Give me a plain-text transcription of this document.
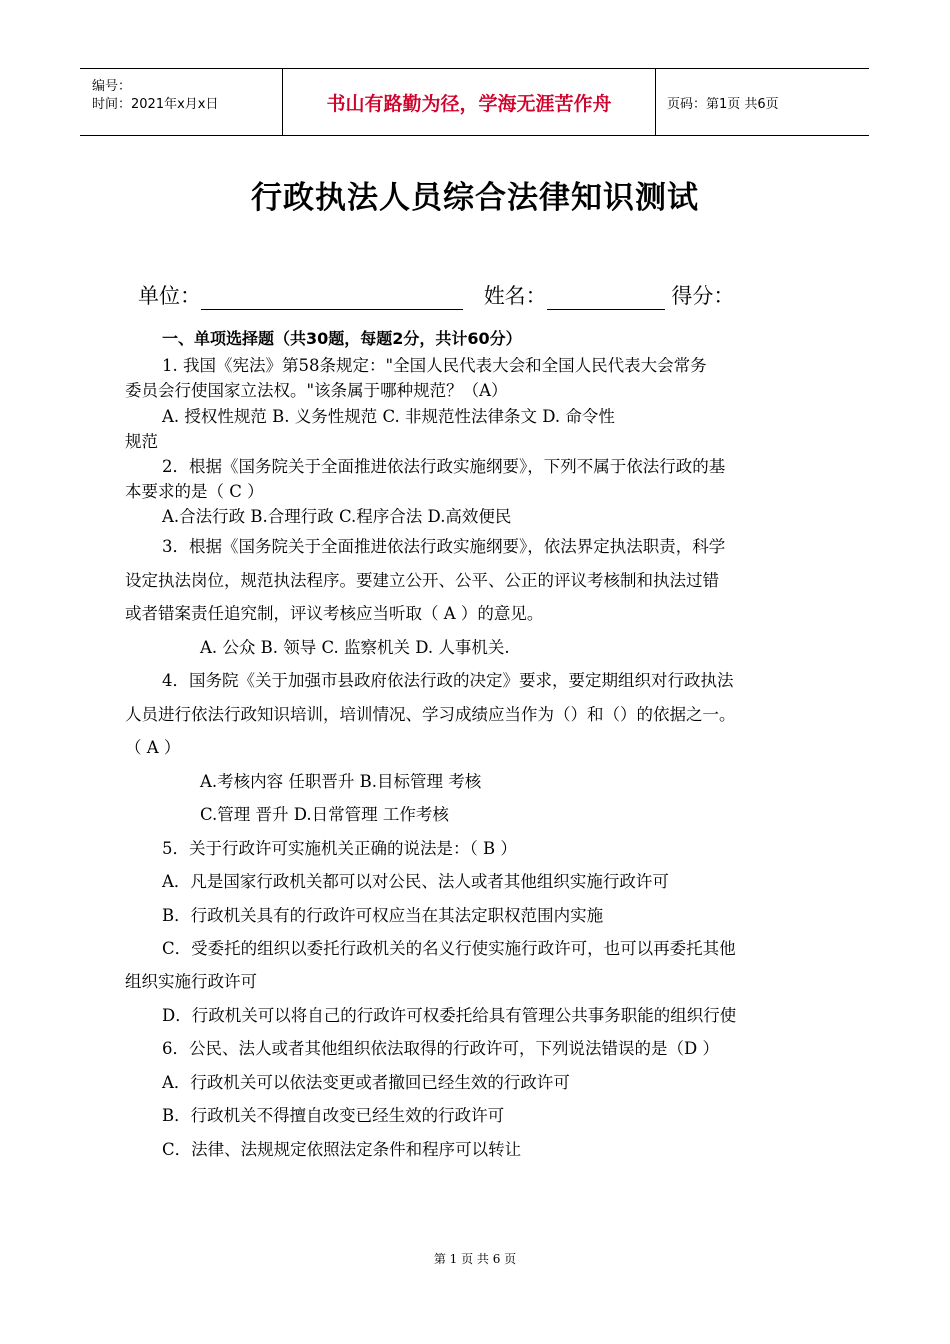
编号：
时间：2021年x月x日	书山有路勤为径，学海无涯苦作舟	页码：第1页 共6页
行政执法人员综合法律知识测试
单位：	姓名：	得分：
一、单项选择题（共30题，每题2分，共计60分）
1. 我国《宪法》第58条规定："全国人民代表大会和全国人民代表大会常务
委员会行使国家立法权。"该条属于哪种规范？（A）
A. 授权性规范 B. 义务性规范 C. 非规范性法律条文 D. 命令性
规范
2．根据《国务院关于全面推进依法行政实施纲要》，下列不属于依法行政的基
本要求的是（ C ）
A.合法行政 B.合理行政 C.程序合法 D.高效便民
3．根据《国务院关于全面推进依法行政实施纲要》，依法界定执法职责，科学
设定执法岗位，规范执法程序。要建立公开、公平、公正的评议考核制和执法过错
或者错案责任追究制，评议考核应当听取（ A ）的意见。
A. 公众 B. 领导 C. 监察机关 D. 人事机关.
4．国务院《关于加强市县政府依法行政的决定》要求，要定期组织对行政执法
人员进行依法行政知识培训，培训情况、学习成绩应当作为（）和（）的依据之一。
（ A ）
A.考核内容 任职晋升 B.目标管理 考核
C.管理 晋升 D.日常管理 工作考核
5．关于行政许可实施机关正确的说法是：（ B ）
A．凡是国家行政机关都可以对公民、法人或者其他组织实施行政许可
B．行政机关具有的行政许可权应当在其法定职权范围内实施
C．受委托的组织以委托行政机关的名义行使实施行政许可，也可以再委托其他
组织实施行政许可
D．行政机关可以将自己的行政许可权委托给具有管理公共事务职能的组织行使
6．公民、法人或者其他组织依法取得的行政许可，下列说法错误的是（D ）
A．行政机关可以依法变更或者撤回已经生效的行政许可
B．行政机关不得擅自改变已经生效的行政许可
C．法律、法规规定依照法定条件和程序可以转让
第 1 页 共 6 页
